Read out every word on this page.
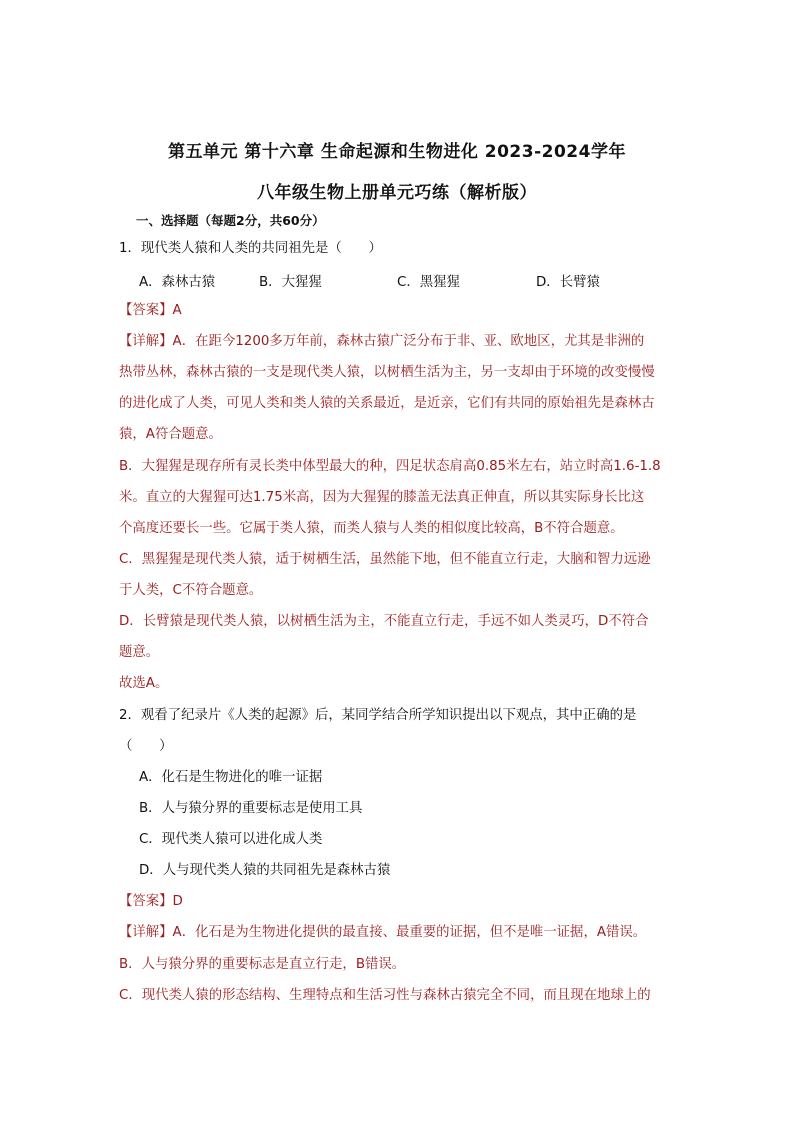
第五单元 第十六章 生命起源和生物进化 2023-2024学年
八年级生物上册单元巧练（解析版）
一、选择题（每题2分，共60分）
1．现代类人猿和人类的共同祖先是（　　）
A．森林古猿	B．大猩猩	C．黑猩猩	D．长臂猿
【答案】A
【详解】A．在距今1200多万年前，森林古猿广泛分布于非、亚、欧地区，尤其是非洲的
热带丛林，森林古猿的一支是现代类人猿，以树栖生活为主，另一支却由于环境的改变慢慢
的进化成了人类，可见人类和类人猿的关系最近，是近亲，它们有共同的原始祖先是森林古
猿，A符合题意。
B．大猩猩是现存所有灵长类中体型最大的种，四足状态肩高0.85米左右，站立时高1.6-1.8
米。直立的大猩猩可达1.75米高，因为大猩猩的膝盖无法真正伸直，所以其实际身长比这
个高度还要长一些。它属于类人猿，而类人猿与人类的相似度比较高，B不符合题意。
C．黑猩猩是现代类人猿，适于树栖生活，虽然能下地，但不能直立行走，大脑和智力远逊
于人类，C不符合题意。
D．长臂猿是现代类人猿，以树栖生活为主，不能直立行走，手远不如人类灵巧，D不符合
题意。
故选A。
2．观看了纪录片《人类的起源》后，某同学结合所学知识提出以下观点，其中正确的是
（　　）
A．化石是生物进化的唯一证据
B．人与猿分界的重要标志是使用工具
C．现代类人猿可以进化成人类
D．人与现代类人猿的共同祖先是森林古猿
【答案】D
【详解】A．化石是为生物进化提供的最直接、最重要的证据，但不是唯一证据，A错误。
B．人与猿分界的重要标志是直立行走，B错误。
C．现代类人猿的形态结构、生理特点和生活习性与森林古猿完全不同，而且现在地球上的
